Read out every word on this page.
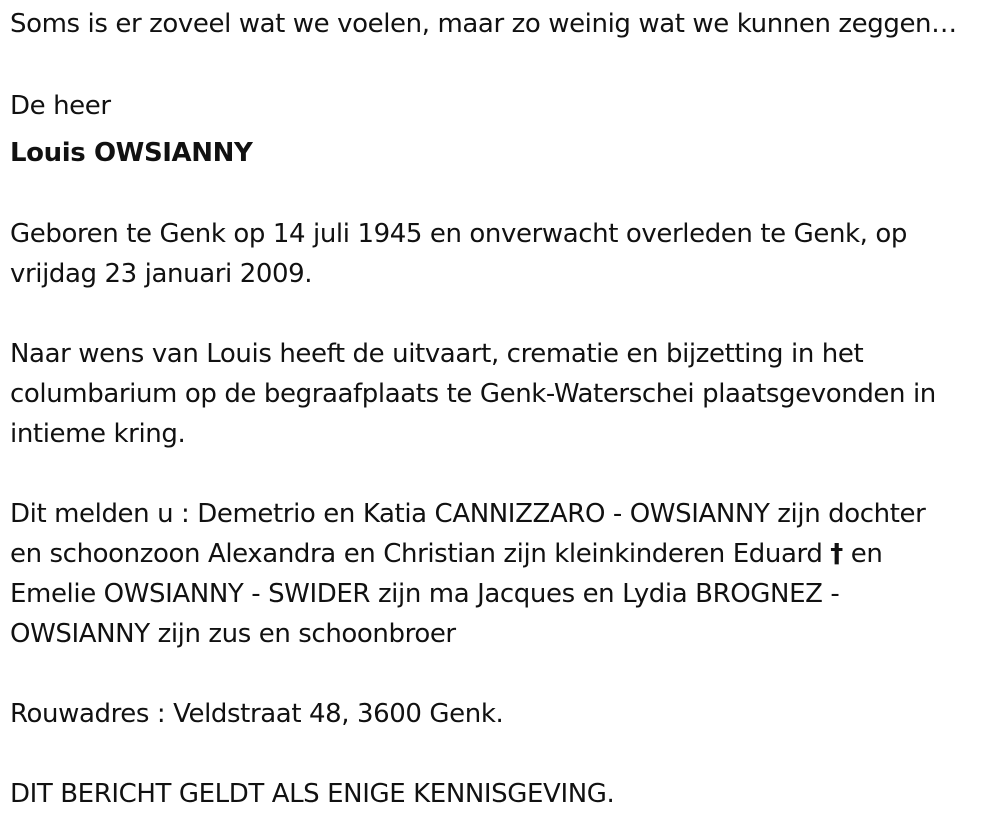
Soms is er zoveel wat we voelen, maar zo weinig wat we kunnen zeggen…
De heer
Louis OWSIANNY
Geboren te Genk op 14 juli 1945 en onverwacht overleden te Genk, op
vrijdag 23 januari 2009.
Naar wens van Louis heeft de uitvaart, crematie en bijzetting in het
columbarium op de begraafplaats te Genk-Waterschei plaatsgevonden in
intieme kring.
Dit melden u : Demetrio en Katia CANNIZZARO - OWSIANNY zijn dochter
en schoonzoon Alexandra en Christian zijn kleinkinderen Eduard † en
Emelie OWSIANNY - SWIDER zijn ma Jacques en Lydia BROGNEZ -
OWSIANNY zijn zus en schoonbroer
Rouwadres : Veldstraat 48, 3600 Genk.
DIT BERICHT GELDT ALS ENIGE KENNISGEVING.
